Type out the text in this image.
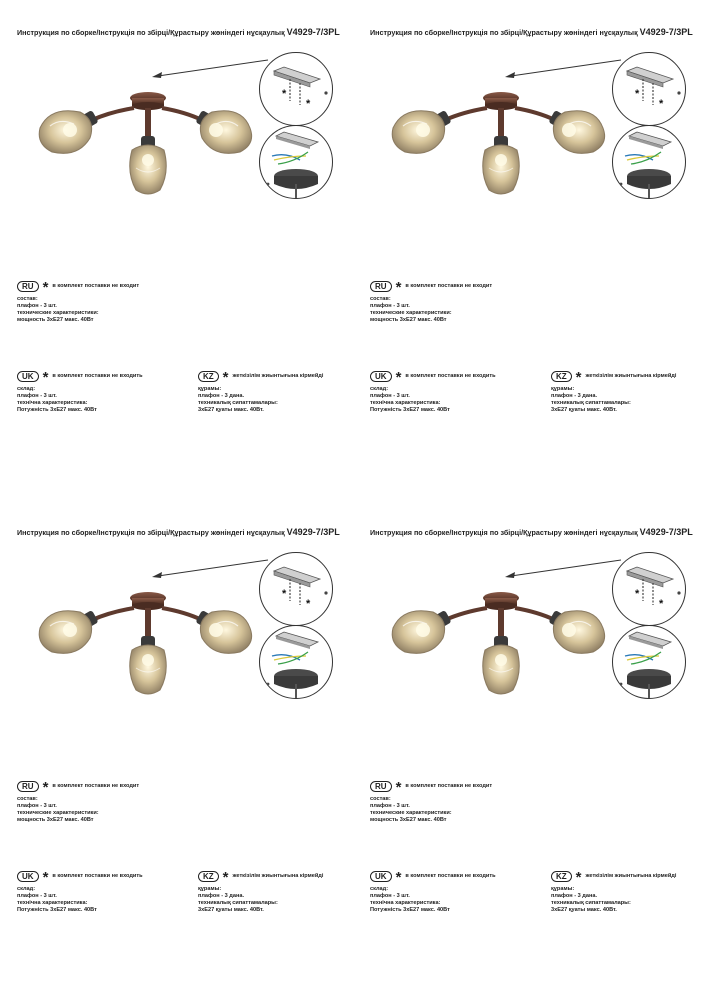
Инструкция по сборке/Інструкція по збірці/Құрастыру жөніндегі нұсқаулық V4929-7/3PL
*
*
RU * в комплект поставки не входит
состав:
плафон - 3 шт.
технические характеристики:
мощность 3xE27 макс. 40Вт
UK * в комплект поставки не входить
склад:
плафон - 3 шт.
технічна характеристика:
Потужність 3xE27 макс. 40Вт
KZ * жеткізілім жиынтығына кірмейді
құрамы:
плафон - 3 дана.
техникалық сипаттамалары:
3xE27 қуаты макс. 40Вт.
Инструкция по сборке/Інструкція по збірці/Құрастыру жөніндегі нұсқаулық V4929-7/3PL
*
*
RU * в комплект поставки не входит
состав:
плафон - 3 шт.
технические характеристики:
мощность 3xE27 макс. 40Вт
UK * в комплект поставки не входить
склад:
плафон - 3 шт.
технічна характеристика:
Потужність 3xE27 макс. 40Вт
KZ * жеткізілім жиынтығына кірмейді
құрамы:
плафон - 3 дана.
техникалық сипаттамалары:
3xE27 қуаты макс. 40Вт.
Инструкция по сборке/Інструкція по збірці/Құрастыру жөніндегі нұсқаулық V4929-7/3PL
*
*
RU * в комплект поставки не входит
состав:
плафон - 3 шт.
технические характеристики:
мощность 3xE27 макс. 40Вт
UK * в комплект поставки не входить
склад:
плафон - 3 шт.
технічна характеристика:
Потужність 3xE27 макс. 40Вт
KZ * жеткізілім жиынтығына кірмейді
құрамы:
плафон - 3 дана.
техникалық сипаттамалары:
3xE27 қуаты макс. 40Вт.
Инструкция по сборке/Інструкція по збірці/Құрастыру жөніндегі нұсқаулық V4929-7/3PL
*
*
RU * в комплект поставки не входит
состав:
плафон - 3 шт.
технические характеристики:
мощность 3xE27 макс. 40Вт
UK * в комплект поставки не входить
склад:
плафон - 3 шт.
технічна характеристика:
Потужність 3xE27 макс. 40Вт
KZ * жеткізілім жиынтығына кірмейді
құрамы:
плафон - 3 дана.
техникалық сипаттамалары:
3xE27 қуаты макс. 40Вт.
